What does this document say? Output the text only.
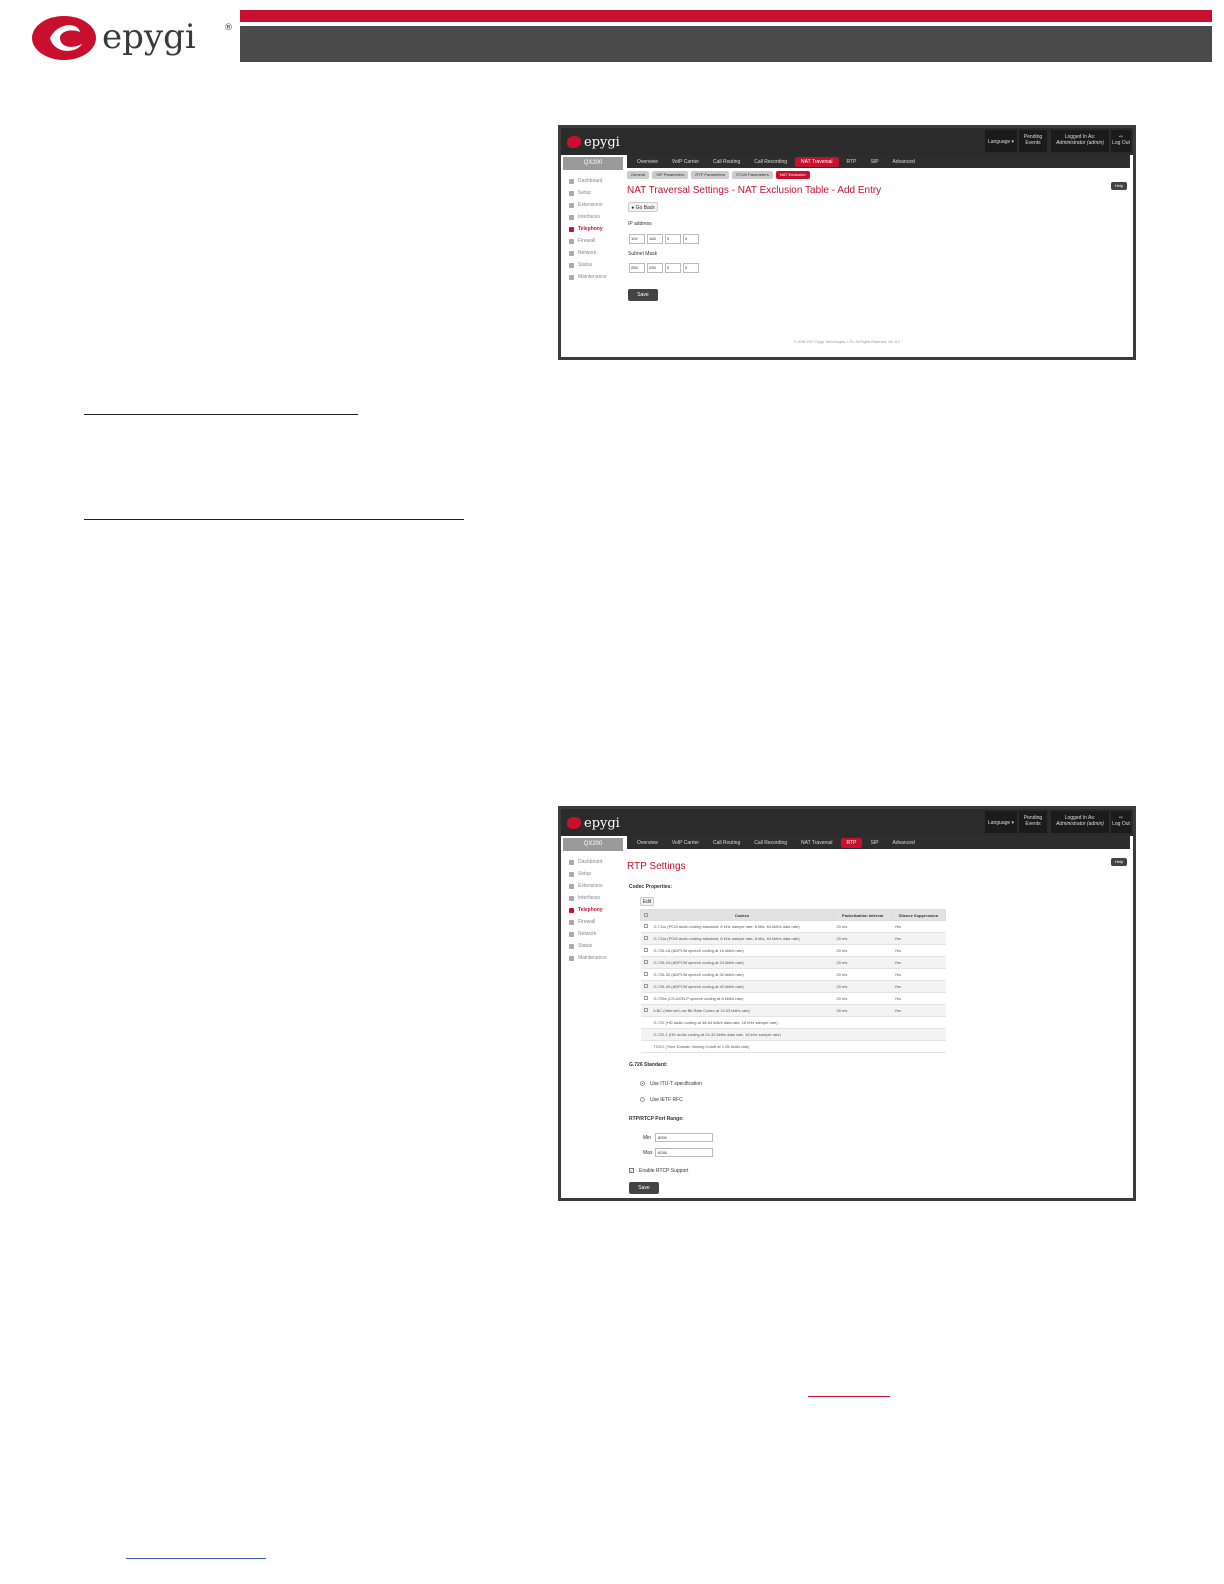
epygi	®
epygi	Language ▾
Pending Events
Logged In As:
Administrator (admin)
⇨
Log Out
QX200
Dashboard
Setup
Extensions
Interfaces
Telephony
Firewall
Network
Status
Maintenance
Overview	VoIP Carrier	Call Routing	Call Recording	NAT Traversal	RTP	SIP	Advanced
General	SIP Parameters	RTP Parameters	STUN Parameters	NAT Exclusion
NAT Traversal Settings - NAT Exclusion Table - Add Entry	Help
● Go Back
IP address
192	168	0	0
Subnet Mask
255	255	0	0
Save
© 2006-2017 Epygi Technologies, LTD. All Rights Reserved. Ver. 6.2
epygi	Language ▾
Pending Events
Logged In As:
Administrator (admin)
⇨
Log Out
QX200
Dashboard
Setup
Extensions
Interfaces
Telephony
Firewall
Network
Status
Maintenance
Overview	VoIP Carrier	Call Routing	Call Recording	NAT Traversal	RTP	SIP	Advanced
RTP Settings	Help
Codec Properties:
Edit
	Codecs	Packetization Interval	Silence Suppression
	G.711u (PCM audio coding standard, 8 kHz sample rate, 8 bits, 64 kbit/s data rate)	20 ms	Yes
	G.711a (PCM audio coding standard, 8 kHz sample rate, 8 bits, 64 kbit/s data rate)	20 ms	Yes
	G.726-16 (ADPCM speech coding at 16 kbit/s rate)	20 ms	Yes
	G.726-24 (ADPCM speech coding at 24 kbit/s rate)	20 ms	Yes
	G.726-32 (ADPCM speech coding at 32 kbit/s rate)	20 ms	Yes
	G.726-40 (ADPCM speech coding at 40 kbit/s rate)	20 ms	Yes
	G.729a (CS-ACELP speech coding at 8 kbit/s rate)	20 ms	Yes
	iLBC (Internet Low Bit Rate Codec at 13.33 kbit/s rate)	30 ms	Yes
	G.722 (HD audio coding at 48-64 kbit/s data rate, 16 kHz sample rate)		
	G.722.1 (HD audio coding at 24-32 kbit/s data rate, 16 kHz sample rate)		
	TDVC (Time Domain Voicing Cutoff at 1.05 kbit/s rate)		
G.726 Standard:
Use ITU-T specification
Use IETF RFC
RTP/RTCP Port Range:
Min	8000
Max	8285
✓ Enable RTCP Support
Save
